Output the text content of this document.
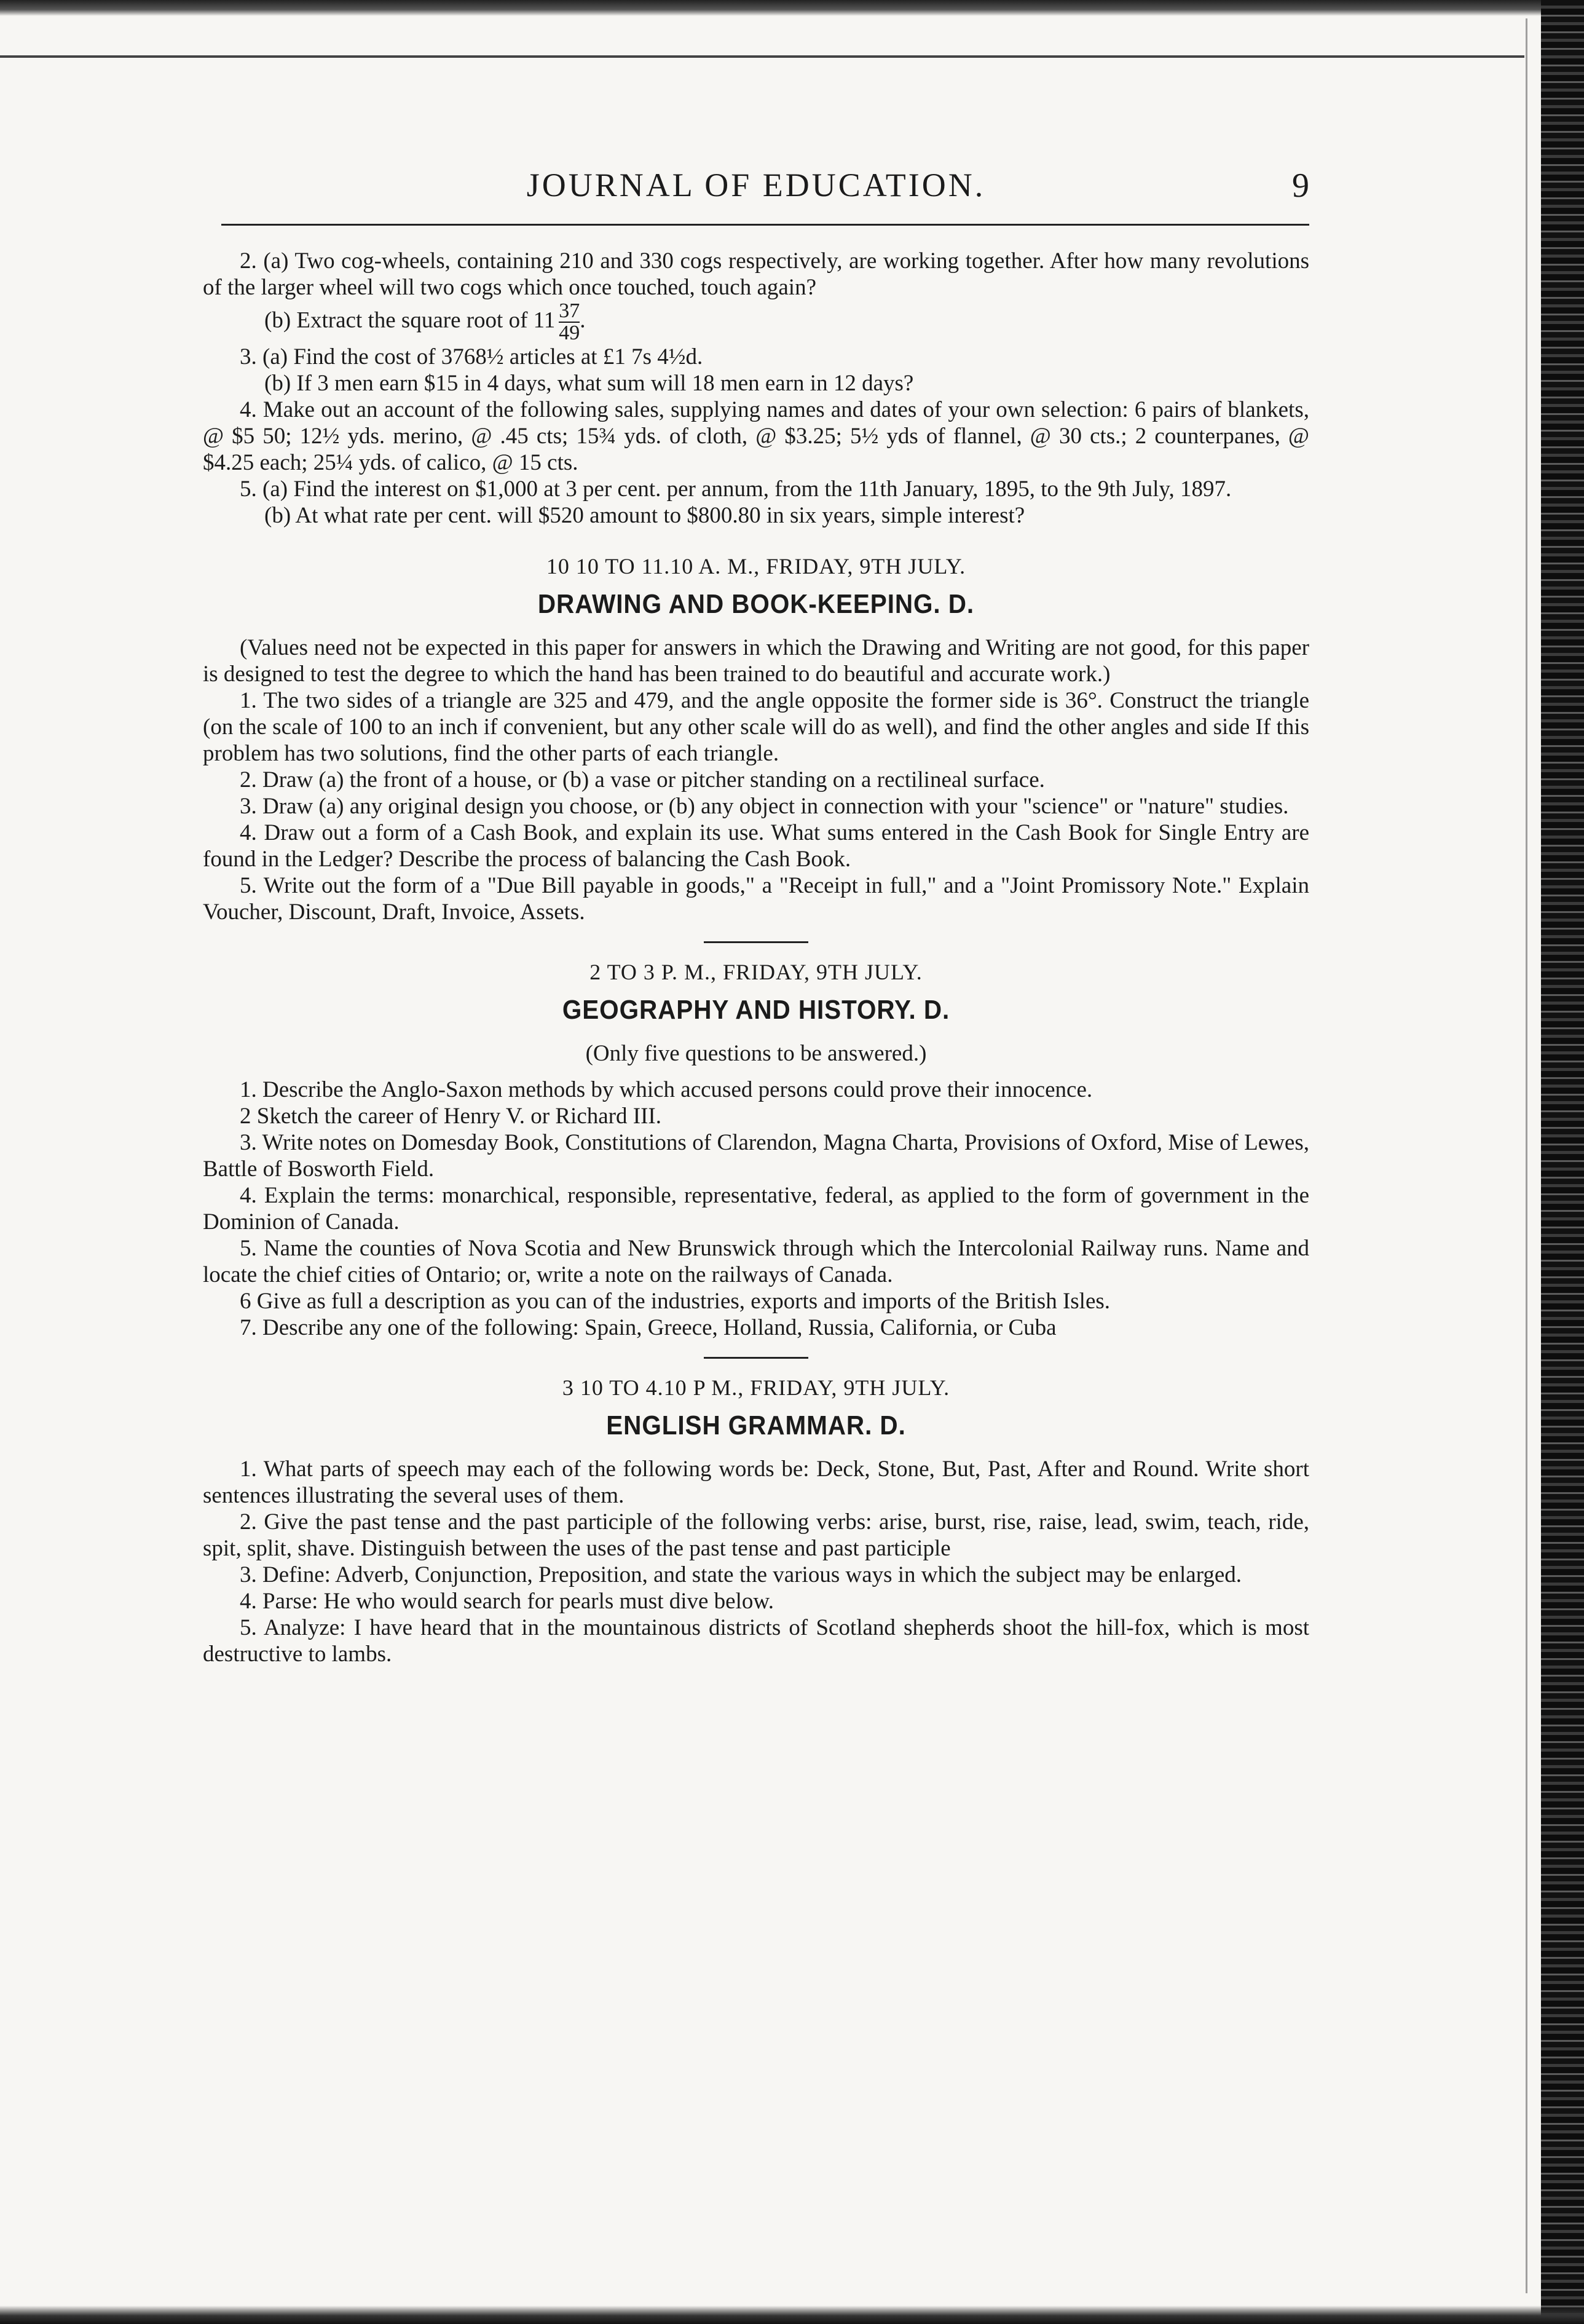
JOURNAL OF EDUCATION.	9

2. (a) Two cog-wheels, containing 210 and 330 cogs respectively, are working together. After how many revolutions of the larger wheel will two cogs which once touched, touch again?

(b) Extract the square root of $11 \frac{37}{49}$ .

3. (a) Find the cost of 3768½ articles at £1 7s 4½d.

(b) If 3 men earn $15 in 4 days, what sum will 18 men earn in 12 days?

4. Make out an account of the following sales, supplying names and dates of your own selection: 6 pairs of blankets, @ $5 50; 12½ yds. merino, @ .45 cts; 15¾ yds. of cloth, @ $3.25; 5½ yds of flannel, @ 30 cts.; 2 counterpanes, @ $4.25 each; 25¼ yds. of calico, @ 15 cts.

5. (a) Find the interest on $1,000 at 3 per cent. per annum, from the 11th January, 1895, to the 9th July, 1897.

(b) At what rate per cent. will $520 amount to $800.80 in six years, simple interest?

10 10 TO 11.10 A. M., FRIDAY, 9TH JULY.
DRAWING AND BOOK-KEEPING. D.

(Values need not be expected in this paper for answers in which the Drawing and Writing are not good, for this paper is designed to test the degree to which the hand has been trained to do beautiful and accurate work.)

1. The two sides of a triangle are 325 and 479, and the angle opposite the former side is 36°. Construct the triangle (on the scale of 100 to an inch if convenient, but any other scale will do as well), and find the other angles and side If this problem has two solutions, find the other parts of each triangle.

2. Draw (a) the front of a house, or (b) a vase or pitcher standing on a rectilineal surface.

3. Draw (a) any original design you choose, or (b) any object in connection with your "science" or "nature" studies.

4. Draw out a form of a Cash Book, and explain its use. What sums entered in the Cash Book for Single Entry are found in the Ledger? Describe the process of balancing the Cash Book.

5. Write out the form of a "Due Bill payable in goods," a "Receipt in full," and a "Joint Promissory Note." Explain Voucher, Discount, Draft, Invoice, Assets.

2 TO 3 P. M., FRIDAY, 9TH JULY.
GEOGRAPHY AND HISTORY. D.
(Only five questions to be answered.)

1. Describe the Anglo-Saxon methods by which accused persons could prove their innocence.

2 Sketch the career of Henry V. or Richard III.

3. Write notes on Domesday Book, Constitutions of Clarendon, Magna Charta, Provisions of Oxford, Mise of Lewes, Battle of Bosworth Field.

4. Explain the terms: monarchical, responsible, representative, federal, as applied to the form of government in the Dominion of Canada.

5. Name the counties of Nova Scotia and New Brunswick through which the Intercolonial Railway runs. Name and locate the chief cities of Ontario; or, write a note on the railways of Canada.

6 Give as full a description as you can of the industries, exports and imports of the British Isles.

7. Describe any one of the following: Spain, Greece, Holland, Russia, California, or Cuba

3 10 TO 4.10 P M., FRIDAY, 9TH JULY.
ENGLISH GRAMMAR. D.

1. What parts of speech may each of the following words be: Deck, Stone, But, Past, After and Round. Write short sentences illustrating the several uses of them.

2. Give the past tense and the past participle of the following verbs: arise, burst, rise, raise, lead, swim, teach, ride, spit, split, shave. Distinguish between the uses of the past tense and past participle

3. Define: Adverb, Conjunction, Preposition, and state the various ways in which the subject may be enlarged.

4. Parse: He who would search for pearls must dive below.

5. Analyze: I have heard that in the mountainous districts of Scotland shepherds shoot the hill-fox, which is most destructive to lambs.
